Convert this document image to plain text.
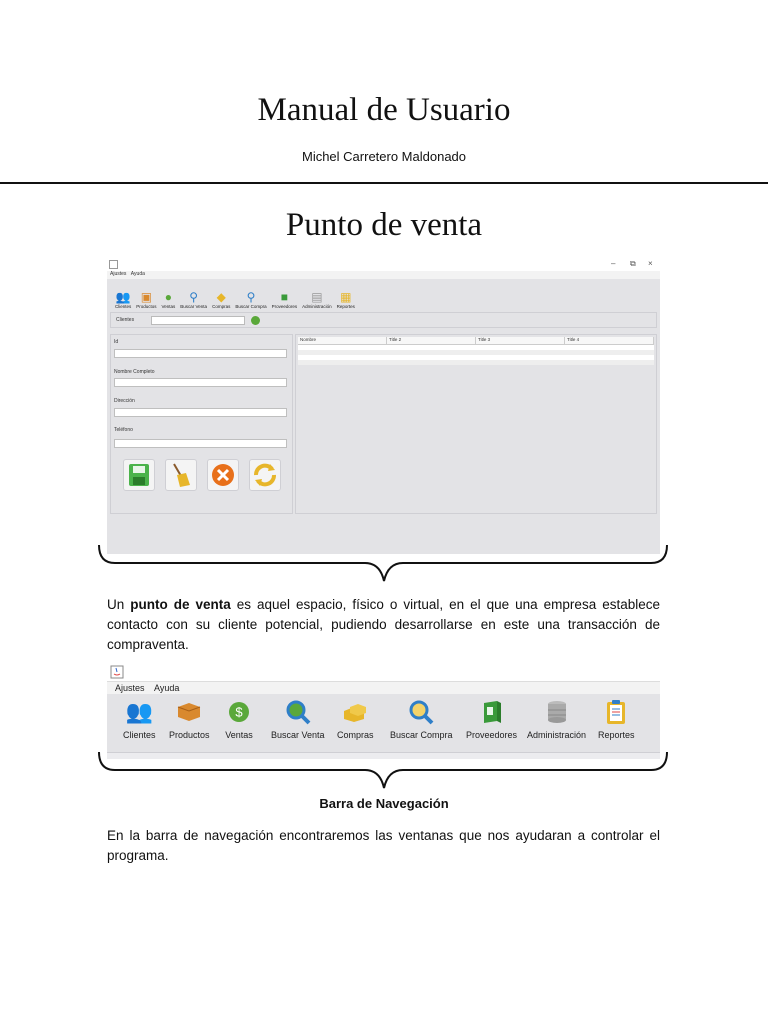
Manual de Usuario
Michel Carretero Maldonado
Punto de venta
– ⧉ ×
Ajustes Ayuda
👥
Clientes
▣
Productos
●
Ventas
⚲
Buscar Venta
◆
Compras
⚲
Buscar Compra
■
Proveedores
▤
Administración
▦
Reportes
Clientes
Id
Nombre Completo
Dirección
Teléfono
Nombre	Title 2	Title 3	Title 4
Un punto de venta es aquel espacio, físico o virtual, en el que una empresa establece contacto con su cliente potencial, pudiendo desarrollarse en este una transacción de compraventa.
Ajustes Ayuda
👥
Clientes Productos
$
Ventas Buscar Venta Compras Buscar Compra Proveedores Administración Reportes
Barra de Navegación
En la barra de navegación encontraremos las ventanas que nos ayudaran a controlar el programa.
